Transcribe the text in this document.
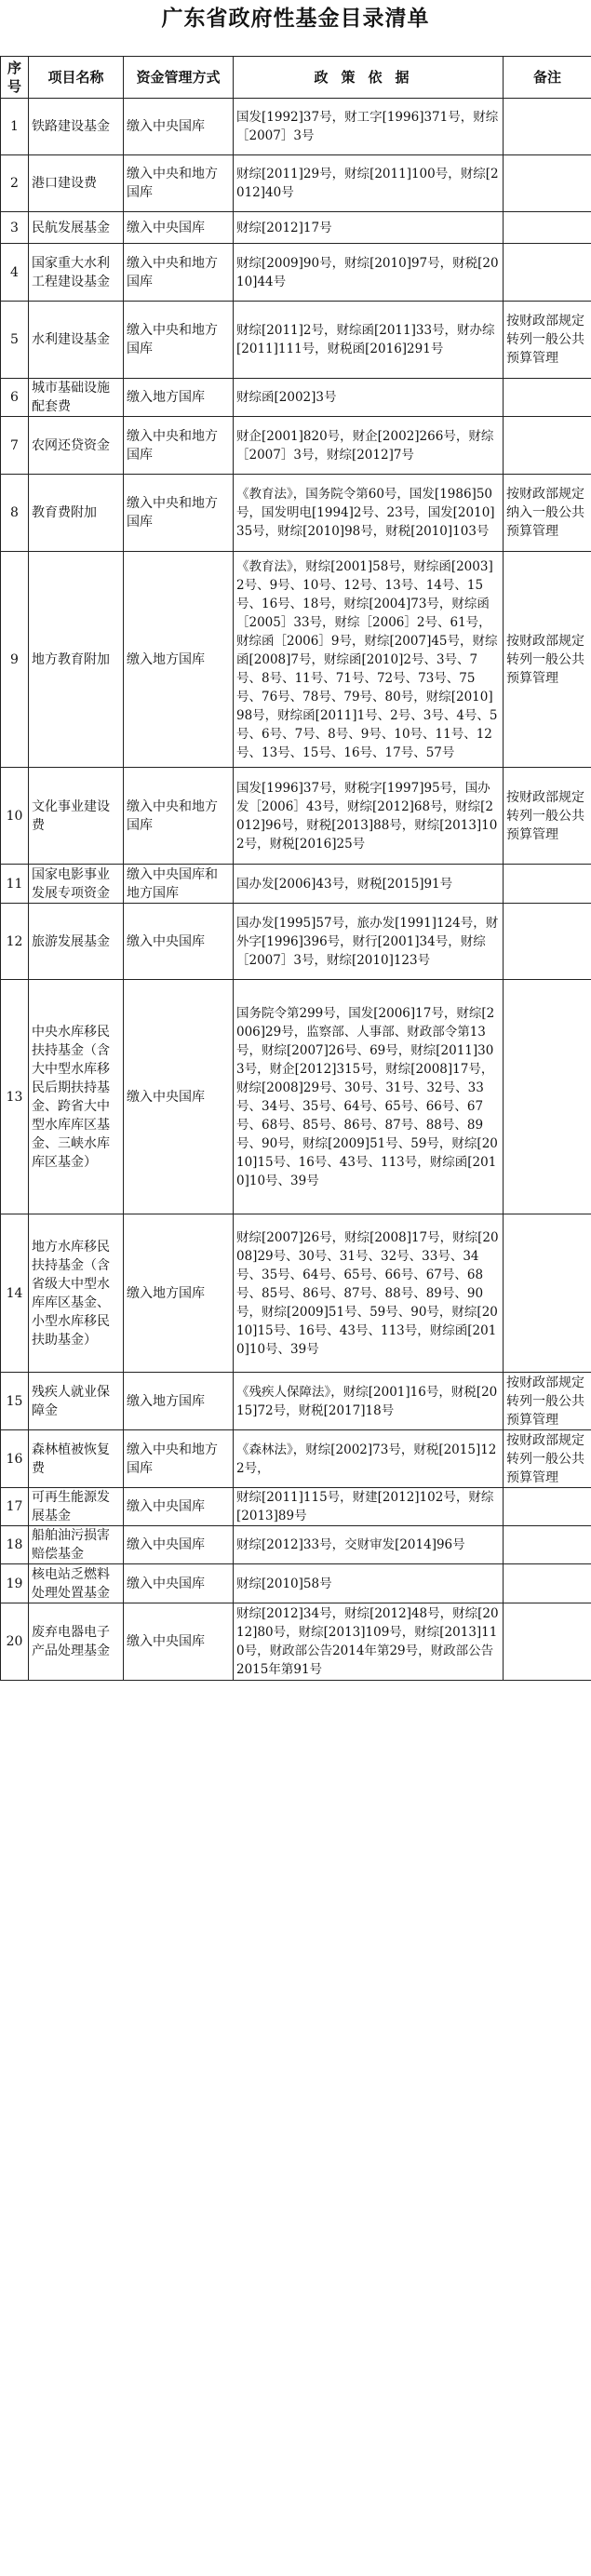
广东省政府性基金目录清单
序号	项目名称	资金管理方式	政策依据	备注
1	铁路建设基金	缴入中央国库	国发[1992]37号，财工字[1996]371号，财综［2007］3号	
2	港口建设费	缴入中央和地方国库	财综[2011]29号，财综[2011]100号，财综[2012]40号	
3	民航发展基金	缴入中央国库	财综[2012]17号	
4	国家重大水利工程建设基金	缴入中央和地方国库	财综[2009]90号，财综[2010]97号，财税[2010]44号	
5	水利建设基金	缴入中央和地方国库	财综[2011]2号，财综函[2011]33号，财办综[2011]111号，财税函[2016]291号	按财政部规定转列一般公共预算管理
6	城市基础设施配套费	缴入地方国库	财综函[2002]3号	
7	农网还贷资金	缴入中央和地方国库	财企[2001]820号，财企[2002]266号，财综［2007］3号，财综[2012]7号	
8	教育费附加	缴入中央和地方国库	《教育法》，国务院令第60号，国发[1986]50号，国发明电[1994]2号、23号，国发[2010]35号，财综[2010]98号，财税[2010]103号	按财政部规定纳入一般公共预算管理
9	地方教育附加	缴入地方国库	《教育法》，财综[2001]58号，财综函[2003]2号、9号、10号、12号、13号、14号、15号、16号、18号，财综[2004]73号，财综函［2005］33号，财综［2006］2号、61号，财综函［2006］9号，财综[2007]45号，财综函[2008]7号，财综函[2010]2号、3号、7号、8号、11号、71号、72号、73号、75号、76号、78号、79号、80号，财综[2010]98号，财综函[2011]1号、2号、3号、4号、5号、6号、7号、8号、9号、10号、11号、12号、13号、15号、16号、17号、57号	按财政部规定转列一般公共预算管理
10	文化事业建设费	缴入中央和地方国库	国发[1996]37号，财税字[1997]95号，国办发［2006］43号，财综[2012]68号，财综[2012]96号，财税[2013]88号，财综[2013]102号，财税[2016]25号	按财政部规定转列一般公共预算管理
11	国家电影事业发展专项资金	缴入中央国库和地方国库	国办发[2006]43号，财税[2015]91号	
12	旅游发展基金	缴入中央国库	国办发[1995]57号，旅办发[1991]124号，财外字[1996]396号，财行[2001]34号，财综［2007］3号，财综[2010]123号	
13	中央水库移民扶持基金（含大中型水库移民后期扶持基金、跨省大中型水库库区基金、三峡水库库区基金）	缴入中央国库	国务院令第299号，国发[2006]17号，财综[2006]29号，监察部、人事部、财政部令第13号，财综[2007]26号、69号，财综[2011]303号，财企[2012]315号，财综[2008]17号，财综[2008]29号、30号、31号、32号、33号、34号、35号、64号、65号、66号、67号、68号、85号、86号、87号、88号、89号、90号，财综[2009]51号、59号，财综[2010]15号、16号、43号、113号，财综函[2010]10号、39号	
14	地方水库移民扶持基金（含省级大中型水库库区基金、小型水库移民扶助基金）	缴入地方国库	财综[2007]26号，财综[2008]17号，财综[2008]29号、30号、31号、32号、33号、34号、35号、64号、65号、66号、67号、68号、85号、86号、87号、88号、89号、90号，财综[2009]51号、59号、90号，财综[2010]15号、16号、43号、113号，财综函[2010]10号、39号	
15	残疾人就业保障金	缴入地方国库	《残疾人保障法》，财综[2001]16号，财税[2015]72号，财税[2017]18号	按财政部规定转列一般公共预算管理
16	森林植被恢复费	缴入中央和地方国库	《森林法》，财综[2002]73号，财税[2015]122号，	按财政部规定转列一般公共预算管理
17	可再生能源发展基金	缴入中央国库	财综[2011]115号，财建[2012]102号，财综[2013]89号	
18	船舶油污损害赔偿基金	缴入中央国库	财综[2012]33号，交财审发[2014]96号	
19	核电站乏燃料处理处置基金	缴入中央国库	财综[2010]58号	
20	废弃电器电子产品处理基金	缴入中央国库	财综[2012]34号，财综[2012]48号，财综[2012]80号，财综[2013]109号，财综[2013]110号，财政部公告2014年第29号，财政部公告2015年第91号	
